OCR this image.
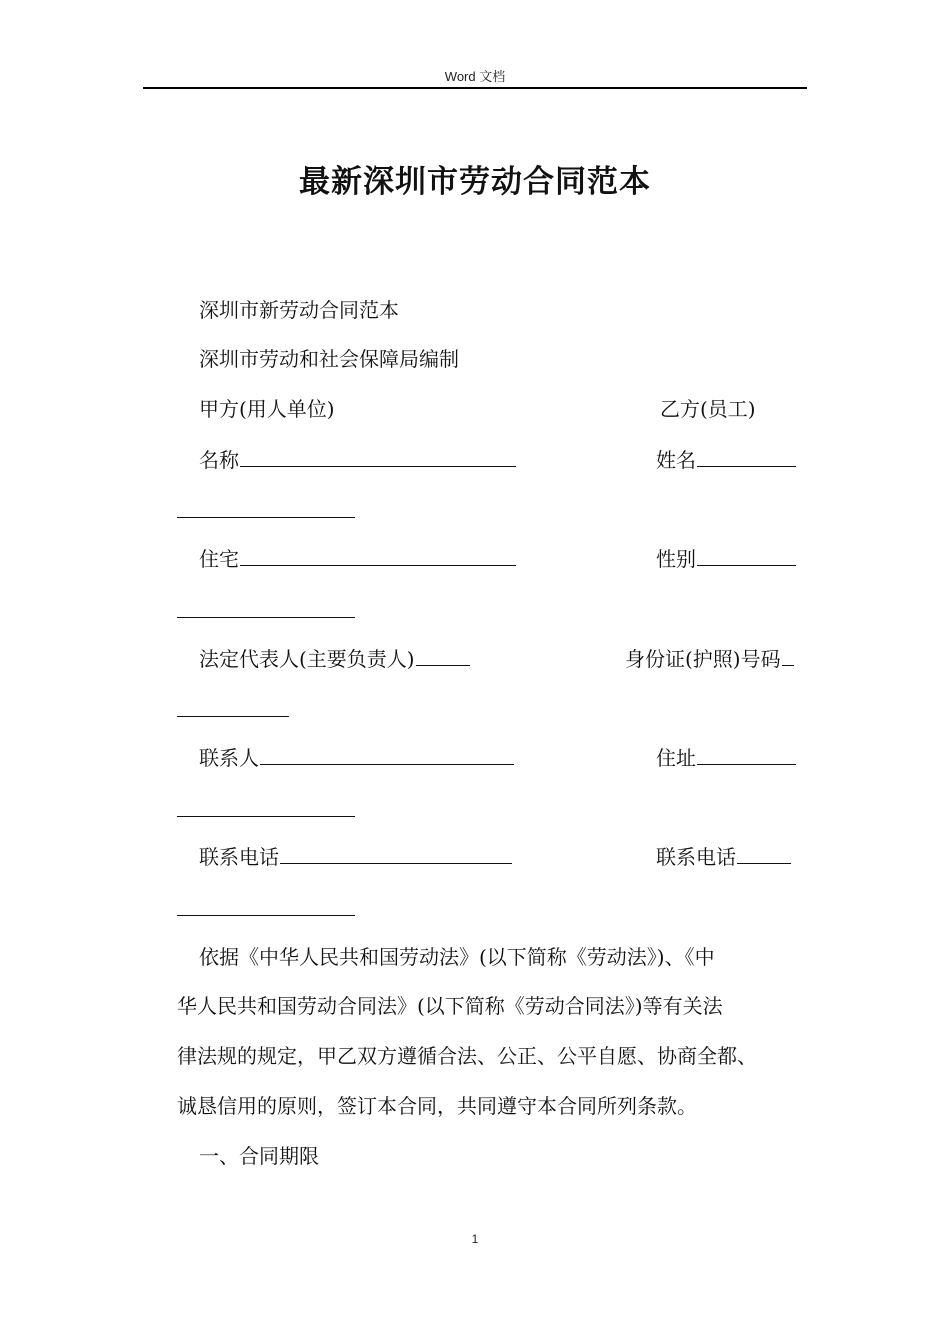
Word 文档
最新深圳市劳动合同范本
深圳市新劳动合同范本
深圳市劳动和社会保障局编制
甲方(用人单位)	乙方(员工)
名称	姓名
住宅	性别
法定代表人(主要负责人)	身份证(护照)号码
联系人	住址
联系电话	联系电话
依据《中华人民共和国劳动法》(以下简称《劳动法》)、《中
华人民共和国劳动合同法》(以下简称《劳动合同法》)等有关法
律法规的规定，甲乙双方遵循合法、公正、公平自愿、协商全都、
诚恳信用的原则，签订本合同，共同遵守本合同所列条款。
一、合同期限
1
